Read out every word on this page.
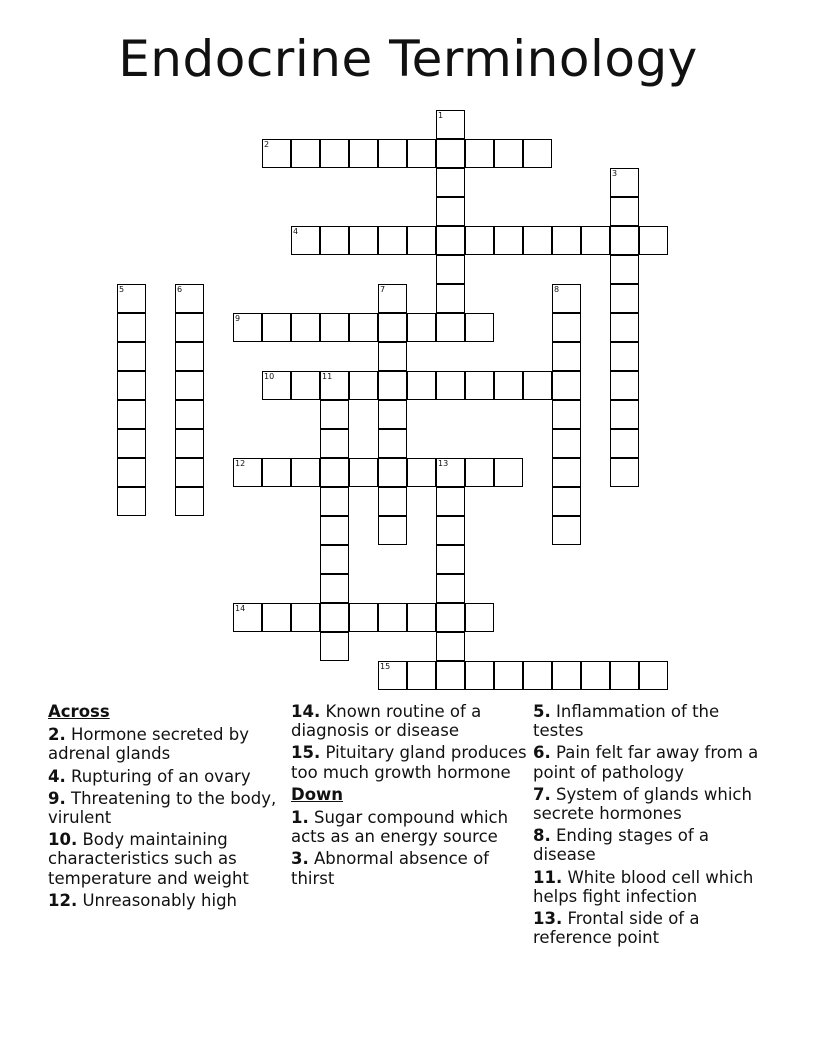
Endocrine Terminology
1
2
3
4
5	6	7	8
9
10	11
12	13
14
15
Across
2. Hormone secreted by adrenal glands
4. Rupturing of an ovary
9. Threatening to the body, virulent
10. Body maintaining characteristics such as temperature and weight
12. Unreasonably high
14. Known routine of a diagnosis or disease
15. Pituitary gland produces too much growth hormone
Down
1. Sugar compound which acts as an energy source
3. Abnormal absence of thirst
5. Inflammation of the testes
6. Pain felt far away from a point of pathology
7. System of glands which secrete hormones
8. Ending stages of a disease
11. White blood cell which helps fight infection
13. Frontal side of a reference point
